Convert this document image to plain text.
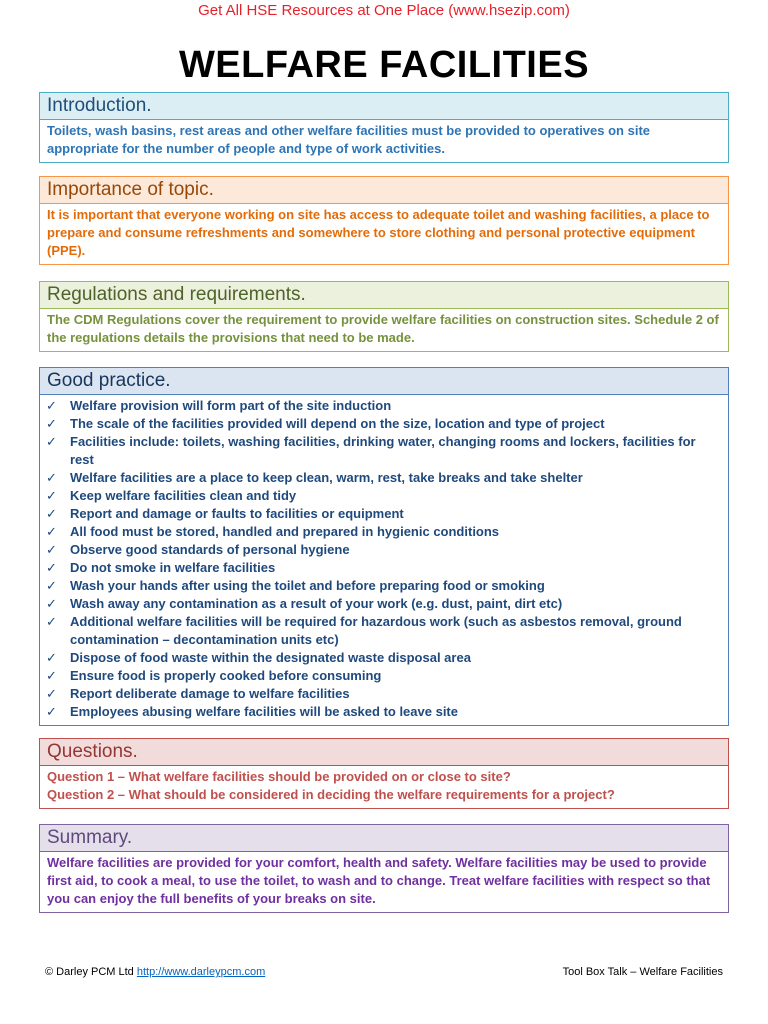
Get All HSE Resources at One Place (www.hsezip.com)
WELFARE FACILITIES
Introduction.

Toilets, wash basins, rest areas and other welfare facilities must be provided to operatives on site appropriate for the number of people and type of work activities.

Importance of topic.

It is important that everyone working on site has access to adequate toilet and washing facilities, a place to prepare and consume refreshments and somewhere to store clothing and personal protective equipment (PPE).

Regulations and requirements.

The CDM Regulations cover the requirement to provide welfare facilities on construction sites. Schedule 2 of the regulations details the provisions that need to be made.

Good practice.
✓ Welfare provision will form part of the site induction
✓ The scale of the facilities provided will depend on the size, location and type of project
✓ Facilities include: toilets, washing facilities, drinking water, changing rooms and lockers, facilities for rest
✓ Welfare facilities are a place to keep clean, warm, rest, take breaks and take shelter
✓ Keep welfare facilities clean and tidy
✓ Report and damage or faults to facilities or equipment
✓ All food must be stored, handled and prepared in hygienic conditions
✓ Observe good standards of personal hygiene
✓ Do not smoke in welfare facilities
✓ Wash your hands after using the toilet and before preparing food or smoking
✓ Wash away any contamination as a result of your work (e.g. dust, paint, dirt etc)
✓ Additional welfare facilities will be required for hazardous work (such as asbestos removal, ground contamination – decontamination units etc)
✓ Dispose of food waste within the designated waste disposal area
✓ Ensure food is properly cooked before consuming
✓ Report deliberate damage to welfare facilities
✓ Employees abusing welfare facilities will be asked to leave site
Questions.

Question 1 – What welfare facilities should be provided on or close to site?

Question 2 – What should be considered in deciding the welfare requirements for a project?

Summary.

Welfare facilities are provided for your comfort, health and safety. Welfare facilities may be used to provide first aid, to cook a meal, to use the toilet, to wash and to change. Treat welfare facilities with respect so that you can enjoy the full benefits of your breaks on site.

© Darley PCM Ltd http://www.darleypcm.com	Tool Box Talk – Welfare Facilities
